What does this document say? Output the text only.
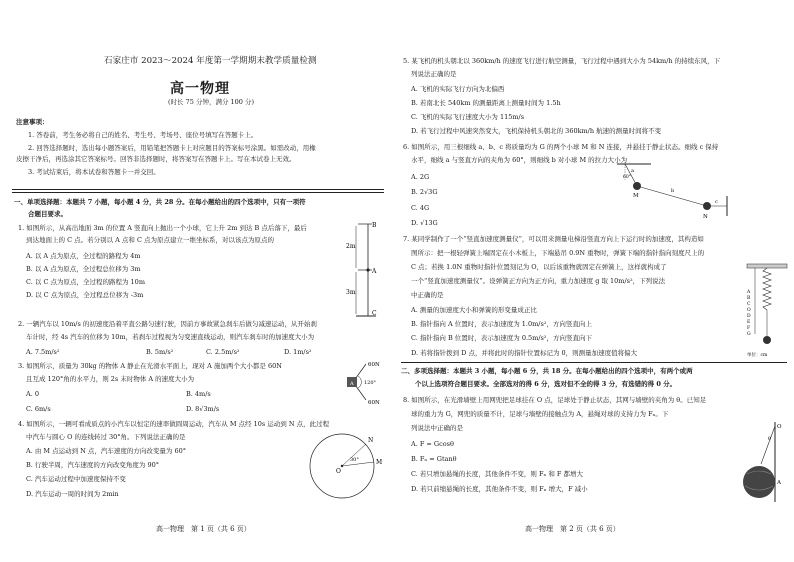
石家庄市 2023～2024 年度第一学期期末教学质量检测
高一物理
(时长 75 分钟，满分 100 分)
注意事项：
1. 答卷前，考生务必将自己的姓名、考生号、考场号、座位号填写在答题卡上。
2. 回答选择题时，选出每小题答案后，用铅笔把答题卡上对应题目的答案标号涂黑。如需改动，用橡
皮擦干净后，再选涂其它答案标号。回答非选择题时，将答案写在答题卡上。写在本试卷上无效。
3. 考试结束后，将本试卷和答题卡一并交回。
一、单项选择题：本题共 7 小题，每小题 4 分，共 28 分。在每小题给出的四个选项中，只有一项符
合题目要求。
1. 如图所示，从高出地面 3m 的位置 A 竖直向上抛出一个小球，它上升 2m 到达 B 点后落下，最后
到达地面上的 C 点。若分别以 A 点和 C 点为原点建立一维坐标系，对以该点为原点的
A. 以 A 点为原点，全过程的路程为 4m
B. 以 A 点为原点，全过程总位移为 3m
C. 以 C 点为原点，全过程的路程为 10m
D. 以 C 点为原点，全过程总位移为 -3m
B
2m
A
3m
C
2. 一辆汽车以 10m/s 的初速度沿着平直公路匀速行驶，因前方事故紧急刹车后做匀减速运动，从开始刹
车计时，经 4s 汽车的位移为 10m，若刹车过程视为匀变速直线运动，则汽车刹车时的加速度大小为
A. 7.5m/s²	B. 5m/s²	C. 2.5m/s²	D. 1m/s²
3. 如图所示，质量为 30kg 的物体 A 静止在光滑水平面上，现对 A 施加两个大小都是 60N
且互成 120°角的水平力，则 2s 末时物体 A 的速度大小为
A. 0	B. 4m/s
C. 6m/s	D. 8√3m/s
60N
A 120°
60N
4. 如图所示，一辆可看成质点的小汽车以恒定的速率做圆周运动，汽车从 M 点经 10s 运动到 N 点，此过程
中汽车与圆心 O 的连线转过 30°角。下列说法正确的是
A. 由 M 点运动到 N 点，汽车速度的方向改变量为 60°
B. 行驶半周，汽车速度的方向改变角度为 90°
C. 汽车运动过程中加速度保持不变
D. 汽车运动一周的时间为 2min
N
30°
O
M
高一物理　第 1 页（共 6 页）
5. 某飞机的机头朝北以 360km/h 的速度飞行进行航空测量，飞行过程中遇到大小为 54km/h 的持续东风，下
列说法正确的是
A. 飞机的实际飞行方向为北偏西
B. 若南北长 540km 的测量距离上测量时间为 1.5h
C. 飞机的实际飞行速度大小为 115m/s
D. 若飞行过程中风速突然变大，飞机保持机头朝北的 360km/h 航速的测量时间将不变
6. 如图所示，用三根细线 a、b、c 将质量均为 G 的两个小球 M 和 N 连接，并悬挂于静止状态。细线 c 保持
水平，细线 a 与竖直方向的夹角为 60°，则细线 b 对小球 M 的拉力大小为
A. 2G
B. 2√3G
C. 4G
D. √13G
a
60°
M
c
b
N
7. 某同学制作了一个“竖直加速度测量仪”，可以用来测量电梯沿竖直方向上下运行时的加速度，其构造如
图所示：把一根轻弹簧上端固定在小木板上，下端悬吊 0.9N 重物时，弹簧下端的指针指向刻度尺上的
C 点；若换 1.0N 重物时指针位置刻记为 O，以后该重物就固定在弹簧上，这样就构成了
一个“竖直加速度测量仪”。设弹簧正方向为正方向，重力加速度 g 取 10m/s²，下列说法
中正确的是
A. 测量的加速度大小和弹簧的形变量成正比
B. 指针指向 A 位置时，表示加速度为 1.0m/s²，方向竖直向上
C. 指针指向 B 位置时，表示加速度为 0.5m/s²，方向竖直向下
D. 若将指针拨到 D 点，并将此时的指针位置标记为 0，则测量加速度值将偏大
A
B
C
O
D
E
F
G
单位：cm
二、多项选择题：本题共 3 小题，每小题 6 分，共 18 分。在每小题给出的四个选项中，有两个或两
个以上选项符合题目要求。全部选对的得 6 分，选对但不全的得 3 分，有选错的得 0 分。
8. 如图所示，在光滑墙壁上用网兜把足球挂在 O 点，足球处于静止状态，其网与墙壁的夹角为 θ。已知足
球的重力为 G，网兜的质量不计，足球与墙壁的接触点为 A，悬绳对球的支持力为 Fₙ。下
列说法中正确的是
A. F = Gcosθ
B. Fₙ = Gtanθ
C. 若只增加悬绳的长度，其他条件不变，则 Fₙ 和 F 都增大
D. 若只前缩悬绳的长度，其他条件不变，则 Fₙ 增大，F 减小
O
θ
A
高一物理　第 2 页（共 6 页）
